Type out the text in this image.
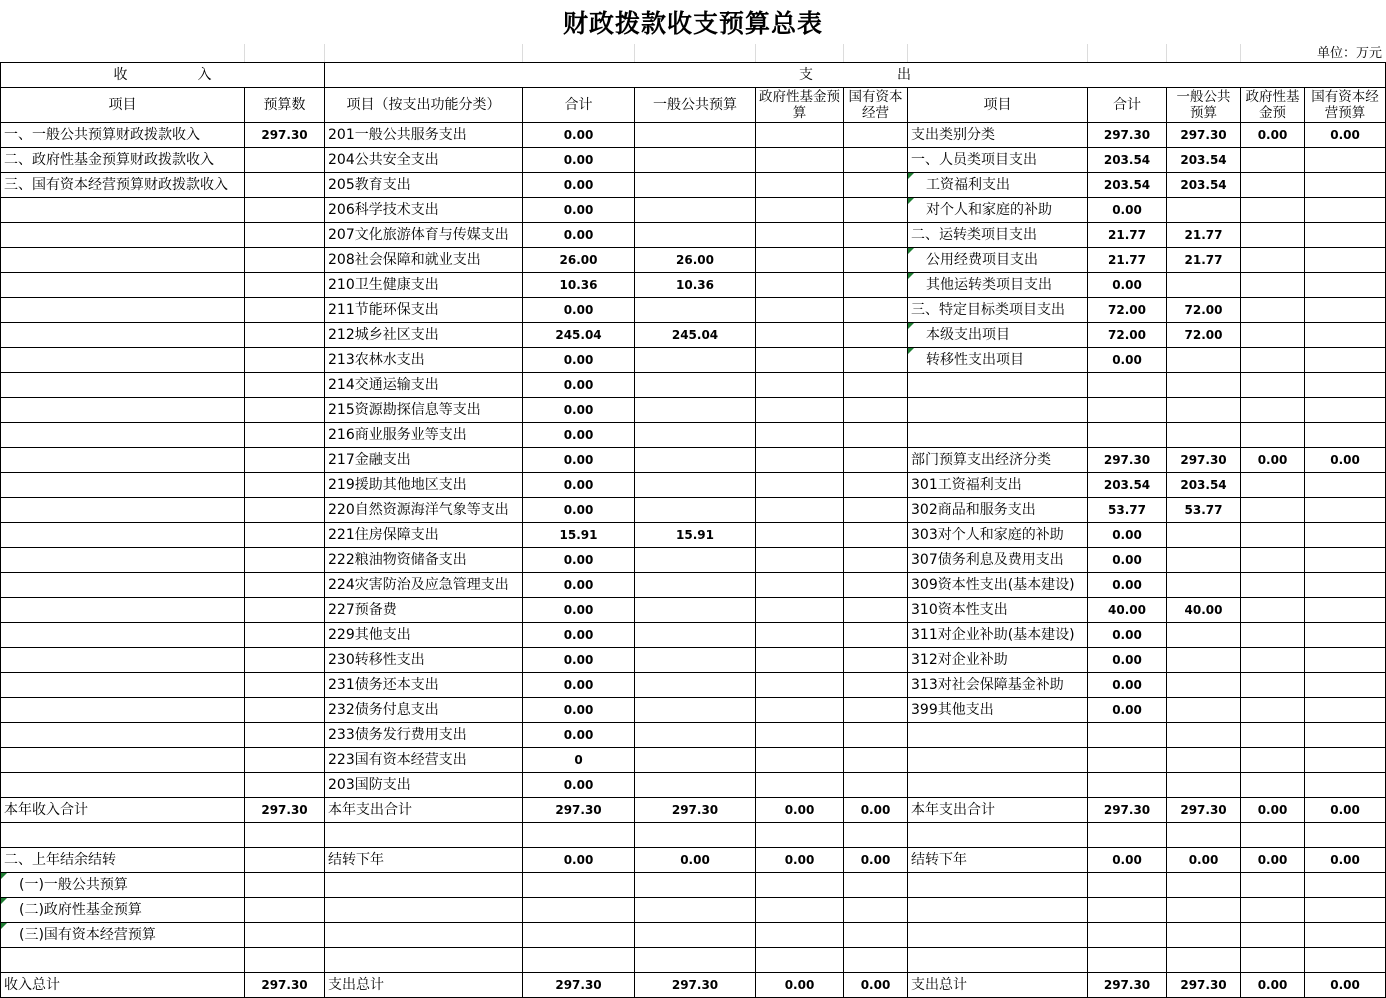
财政拨款收支预算总表
单位：万元
收　　　　　入		支　　　　　　出									
项目	预算数	项目（按支出功能分类）	合计	一般公共预算	政府性基金预算	国有资本经营	项目	合计	一般公共预算	政府性基金预	国有资本经营预算
一、一般公共预算财政拨款收入	297.30	201一般公共服务支出	0.00				支出类别分类	297.30	297.30	0.00	0.00
二、政府性基金预算财政拨款收入		204公共安全支出	0.00				一、人员类项目支出	203.54	203.54		
三、国有资本经营预算财政拨款收入		205教育支出	0.00				工资福利支出	203.54	203.54		
		206科学技术支出	0.00				对个人和家庭的补助	0.00			
		207文化旅游体育与传媒支出	0.00				二、运转类项目支出	21.77	21.77		
		208社会保障和就业支出	26.00	26.00			公用经费项目支出	21.77	21.77		
		210卫生健康支出	10.36	10.36			其他运转类项目支出	0.00			
		211节能环保支出	0.00				三、特定目标类项目支出	72.00	72.00		
		212城乡社区支出	245.04	245.04			本级支出项目	72.00	72.00		
		213农林水支出	0.00				转移性支出项目	0.00			
		214交通运输支出	0.00								
		215资源勘探信息等支出	0.00								
		216商业服务业等支出	0.00								
		217金融支出	0.00				部门预算支出经济分类	297.30	297.30	0.00	0.00
		219援助其他地区支出	0.00				301工资福利支出	203.54	203.54		
		220自然资源海洋气象等支出	0.00				302商品和服务支出	53.77	53.77		
		221住房保障支出	15.91	15.91			303对个人和家庭的补助	0.00			
		222粮油物资储备支出	0.00				307债务利息及费用支出	0.00			
		224灾害防治及应急管理支出	0.00				309资本性支出(基本建设)	0.00			
		227预备费	0.00				310资本性支出	40.00	40.00		
		229其他支出	0.00				311对企业补助(基本建设)	0.00			
		230转移性支出	0.00				312对企业补助	0.00			
		231债务还本支出	0.00				313对社会保障基金补助	0.00			
		232债务付息支出	0.00				399其他支出	0.00			
		233债务发行费用支出	0.00								
		223国有资本经营支出	0								
		203国防支出	0.00								
本年收入合计	297.30	本年支出合计	297.30	297.30	0.00	0.00	本年支出合计	297.30	297.30	0.00	0.00

二、上年结余结转		结转下年	0.00	0.00	0.00	0.00	结转下年	0.00	0.00	0.00	0.00
(一)一般公共预算											
(二)政府性基金预算											
(三)国有资本经营预算											

收入总计	297.30	支出总计	297.30	297.30	0.00	0.00	支出总计	297.30	297.30	0.00	0.00
